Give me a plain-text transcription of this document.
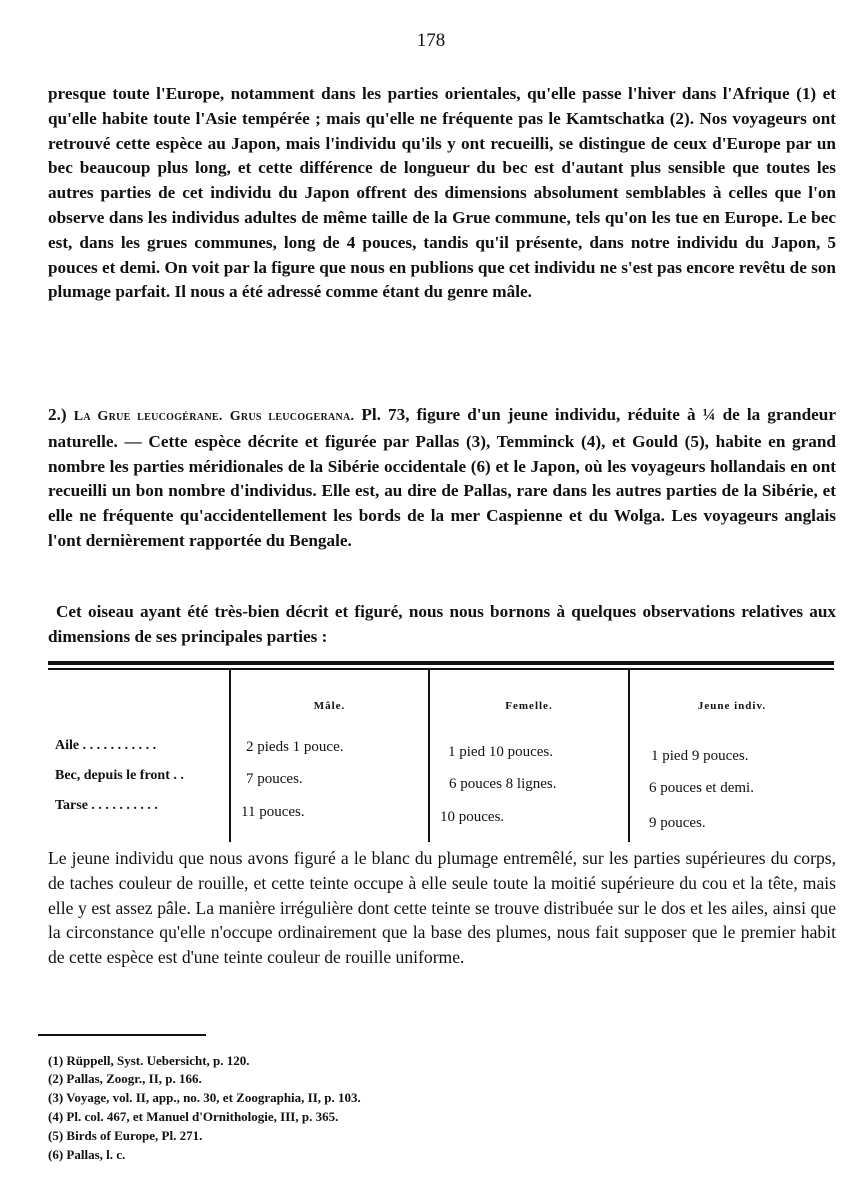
178

presque toute l'Europe, notamment dans les parties orientales, qu'elle passe l'hiver dans l'Afrique (1) et qu'elle habite toute l'Asie tempérée ; mais qu'elle ne fréquente pas le Kamtschatka (2). Nos voyageurs ont retrouvé cette espèce au Japon, mais l'individu qu'ils y ont recueilli, se distingue de ceux d'Europe par un bec beaucoup plus long, et cette différence de longueur du bec est d'autant plus sensible que toutes les autres parties de cet individu du Japon offrent des dimensions absolument semblables à celles que l'on observe dans les individus adultes de même taille de la Grue commune, tels qu'on les tue en Europe. Le bec est, dans les grues communes, long de 4 pouces, tandis qu'il présente, dans notre individu du Japon, 5 pouces et demi. On voit par la figure que nous en publions que cet individu ne s'est pas encore revêtu de son plumage parfait. Il nous a été adressé comme étant du genre mâle.

2.) La Grue leucogérane. Grus leucogerana. Pl. 73, figure d'un jeune individu, réduite à ¼ de la grandeur naturelle. — Cette espèce décrite et figurée par Pallas (3), Temminck (4), et Gould (5), habite en grand nombre les parties méridionales de la Sibérie occidentale (6) et le Japon, où les voyageurs hollandais en ont recueilli un bon nombre d'individus. Elle est, au dire de Pallas, rare dans les autres parties de la Sibérie, et elle ne fréquente qu'accidentellement les bords de la mer Caspienne et du Wolga. Les voyageurs anglais l'ont dernièrement rapportée du Bengale.

Cet oiseau ayant été très-bien décrit et figuré, nous nous bornons à quelques observations relatives aux dimensions de ses principales parties :

Mâle.	Femelle.	Jeune indiv.
Aile . . . . . . . . . . .
Bec, depuis le front . .
Tarse . . . . . . . . . .
2 pieds 1 pouce.
7 pouces.
11 pouces.
1 pied 10 pouces.
6 pouces 8 lignes.
10 pouces.
1 pied 9 pouces.
6 pouces et demi.
9 pouces.

Le jeune individu que nous avons figuré a le blanc du plumage entremêlé, sur les parties supérieures du corps, de taches couleur de rouille, et cette teinte occupe à elle seule toute la moitié supérieure du cou et la tête, mais elle y est assez pâle. La manière irrégulière dont cette teinte se trouve distribuée sur le dos et les ailes, ainsi que la circonstance qu'elle n'occupe ordinairement que la base des plumes, nous fait supposer que le premier habit de cette espèce est d'une teinte couleur de rouille uniforme.

(1) Rüppell, Syst. Uebersicht, p. 120.

(2) Pallas, Zoogr., II, p. 166.

(3) Voyage, vol. II, app., no. 30, et Zoographia, II, p. 103.

(4) Pl. col. 467, et Manuel d'Ornithologie, III, p. 365.

(5) Birds of Europe, Pl. 271.

(6) Pallas, l. c.
